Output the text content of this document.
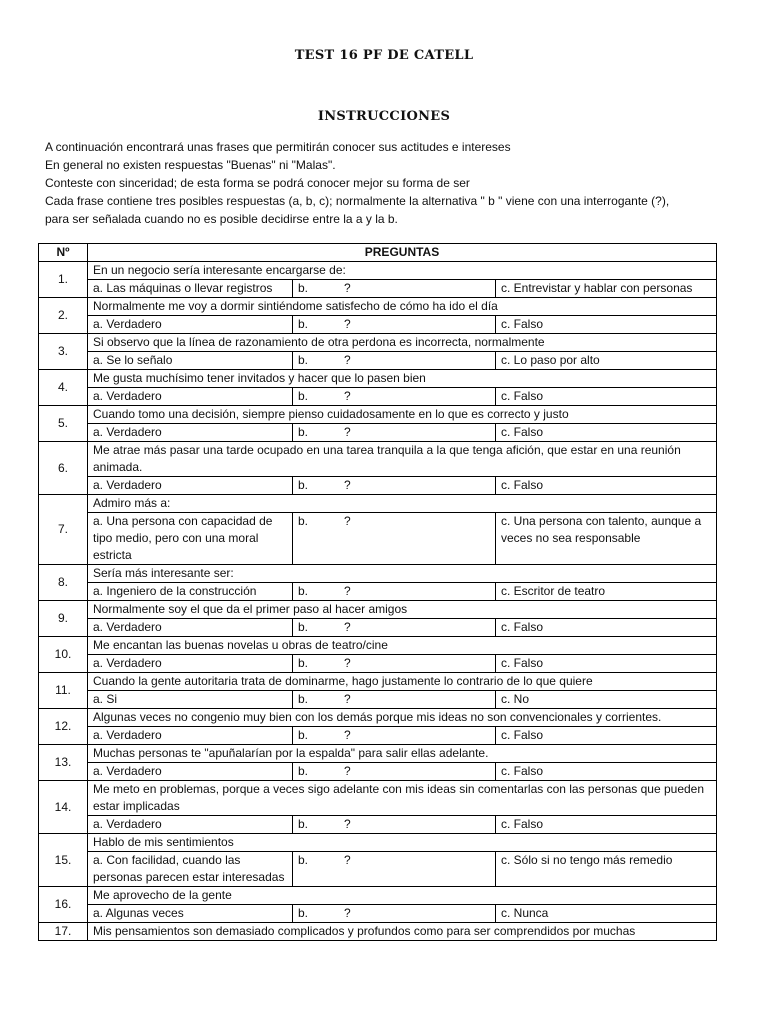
TEST 16 PF DE CATELL
INSTRUCCIONES
A continuación encontrará unas frases que permitirán conocer sus actitudes e intereses
En general no existen respuestas "Buenas" ni "Malas".
Conteste con sinceridad; de esta forma se podrá conocer mejor su forma de ser
Cada frase contiene tres posibles respuestas (a, b, c); normalmente la alternativa " b " viene con una interrogante (?),
para ser señalada cuando no es posible decidirse entre la a y la b.
Nº	PREGUNTAS		
1.	En un negocio sería interesante encargarse de:		
	a. Las máquinas o llevar registros	b. ?	c. Entrevistar y hablar con personas
2.	Normalmente me voy a dormir sintiéndome satisfecho de cómo ha ido el día		
	a. Verdadero	b. ?	c. Falso
3.	Si observo que la línea de razonamiento de otra perdona es incorrecta, normalmente		
	a. Se lo señalo	b. ?	c. Lo paso por alto
4.	Me gusta muchísimo tener invitados y hacer que lo pasen bien		
	a. Verdadero	b. ?	c. Falso
5.	Cuando tomo una decisión, siempre pienso cuidadosamente en lo que es correcto y justo		
	a. Verdadero	b. ?	c. Falso
6.	Me atrae más pasar una tarde ocupado en una tarea tranquila a la que tenga afición, que estar en una reunión animada.		
	a. Verdadero	b. ?	c. Falso
7.	Admiro más a:		
	a. Una persona con capacidad de tipo medio, pero con una moral estricta	b. ?	c. Una persona con talento, aunque a veces no sea responsable
8.	Sería más interesante ser:		
	a. Ingeniero de la construcción	b. ?	c. Escritor de teatro
9.	Normalmente soy el que da el primer paso al hacer amigos		
	a. Verdadero	b. ?	c. Falso
10.	Me encantan las buenas novelas u obras de teatro/cine		
	a. Verdadero	b. ?	c. Falso
11.	Cuando la gente autoritaria trata de dominarme, hago justamente lo contrario de lo que quiere		
	a. Si	b. ?	c. No
12.	Algunas veces no congenio muy bien con los demás porque mis ideas no son convencionales y corrientes.		
	a. Verdadero	b. ?	c. Falso
13.	Muchas personas te "apuñalarían por la espalda" para salir ellas adelante.		
	a. Verdadero	b. ?	c. Falso
14.	Me meto en problemas, porque a veces sigo adelante con mis ideas sin comentarlas con las personas que pueden estar implicadas		
	a. Verdadero	b. ?	c. Falso
15.	Hablo de mis sentimientos		
	a. Con facilidad, cuando las personas parecen estar interesadas	b. ?	c. Sólo si no tengo más remedio
16.	Me aprovecho de la gente		
	a. Algunas veces	b. ?	c. Nunca
17.	Mis pensamientos son demasiado complicados y profundos como para ser comprendidos por muchas		
